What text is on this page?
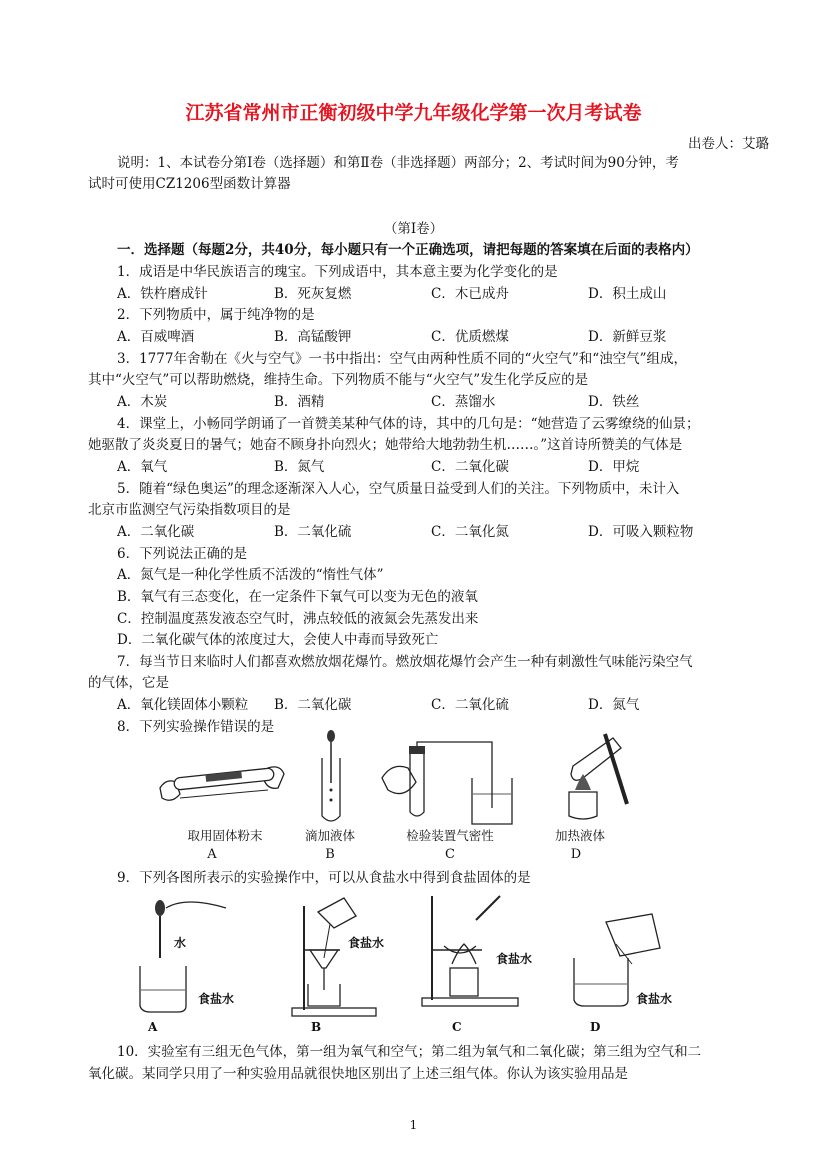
江苏省常州市正衡初级中学九年级化学第一次月考试卷
出卷人：艾璐
说明：1、本试卷分第Ⅰ卷（选择题）和第Ⅱ卷（非选择题）两部分；2、考试时间为90分钟，考
试时可使用CZ1206型函数计算器
（第Ⅰ卷）
一．选择题（每题2分，共40分，每小题只有一个正确选项，请把每题的答案填在后面的表格内）
1．成语是中华民族语言的瑰宝。下列成语中，其本意主要为化学变化的是
A．铁杵磨成针	B．死灰复燃	C．木已成舟	D．积土成山
2．下列物质中，属于纯净物的是
A．百威啤酒	B．高锰酸钾	C．优质燃煤	D．新鲜豆浆
3．1777年舍勒在《火与空气》一书中指出：空气由两种性质不同的“火空气”和“浊空气”组成，
其中“火空气”可以帮助燃烧，维持生命。下列物质不能与“火空气”发生化学反应的是
A．木炭	B．酒精	C．蒸馏水	D．铁丝
4．课堂上，小畅同学朗诵了一首赞美某种气体的诗，其中的几句是：“她营造了云雾缭绕的仙景；
她驱散了炎炎夏日的暑气；她奋不顾身扑向烈火；她带给大地勃勃生机……。”这首诗所赞美的气体是
A．氧气	B．氮气	C．二氧化碳	D．甲烷
5．随着“绿色奥运”的理念逐渐深入人心，空气质量日益受到人们的关注。下列物质中，未计入
北京市监测空气污染指数项目的是
A．二氧化碳	B．二氧化硫	C．二氧化氮	D．可吸入颗粒物
6．下列说法正确的是
A．氮气是一种化学性质不活泼的“惰性气体”
B．氧气有三态变化，在一定条件下氧气可以变为无色的液氧
C．控制温度蒸发液态空气时，沸点较低的液氮会先蒸发出来
D．二氧化碳气体的浓度过大，会使人中毒而导致死亡
7．每当节日来临时人们都喜欢燃放烟花爆竹。燃放烟花爆竹会产生一种有刺激性气味能污染空气
的气体，它是
A．氧化镁固体小颗粒 B．二氧化碳	C．二氧化硫	D．氮气
8．下列实验操作错误的是
取用固体粉末
A
滴加液体
B
检验装置气密性
C
加热液体
D
9．下列各图所表示的实验操作中，可以从食盐水中得到食盐固体的是
水
食盐水
A
食盐水
B
食盐水
C
食盐水
D
10．实验室有三组无色气体，第一组为氧气和空气；第二组为氧气和二氧化碳；第三组为空气和二
氧化碳。某同学只用了一种实验用品就很快地区别出了上述三组气体。你认为该实验用品是
1
